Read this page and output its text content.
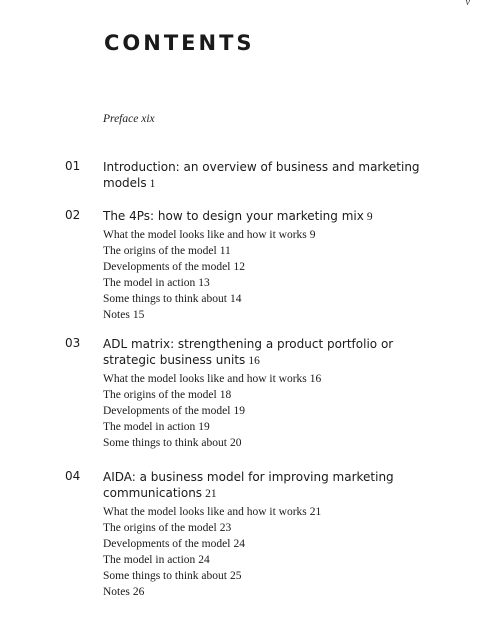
v
CONTENTS
Preface xix
01 Introduction: an overview of business and marketing models 1
02 The 4Ps: how to design your marketing mix 9
What the model looks like and how it works 9
The origins of the model 11
Developments of the model 12
The model in action 13
Some things to think about 14
Notes 15
03 ADL matrix: strengthening a product portfolio or strategic business units 16
What the model looks like and how it works 16
The origins of the model 18
Developments of the model 19
The model in action 19
Some things to think about 20
04 AIDA: a business model for improving marketing communications 21
What the model looks like and how it works 21
The origins of the model 23
Developments of the model 24
The model in action 24
Some things to think about 25
Notes 26
